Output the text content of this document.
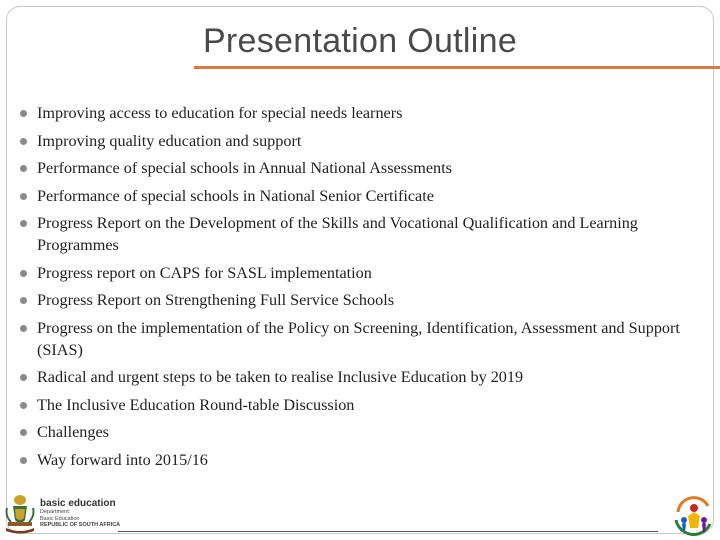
Presentation Outline
Improving access to education for special needs learners
Improving quality education and support
Performance of special schools in Annual National Assessments
Performance of special schools in National Senior Certificate
Progress Report on the Development of the Skills and Vocational Qualification and Learning Programmes
Progress report on CAPS for SASL implementation
Progress Report on Strengthening Full Service Schools
Progress on the implementation of the Policy on Screening, Identification, Assessment and Support (SIAS)
Radical and urgent steps to be taken to realise Inclusive Education by 2019
The Inclusive Education Round-table Discussion
Challenges
Way forward into 2015/16
basic education
Department:
Basic Education
REPUBLIC OF SOUTH AFRICA
